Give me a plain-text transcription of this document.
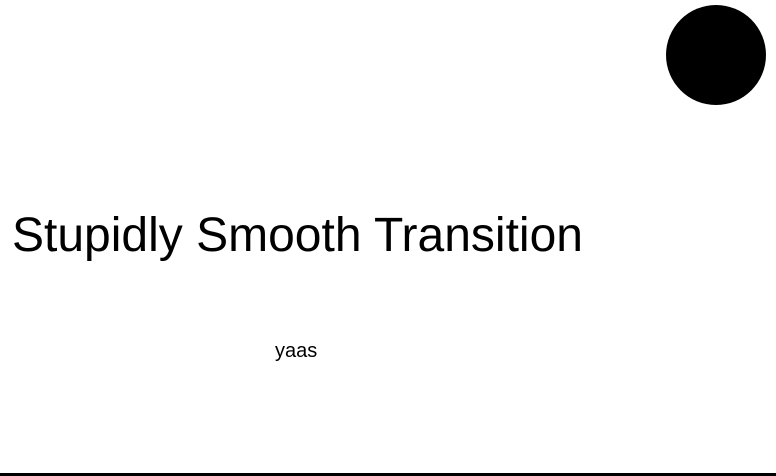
Stupidly Smooth Transition
yaas
